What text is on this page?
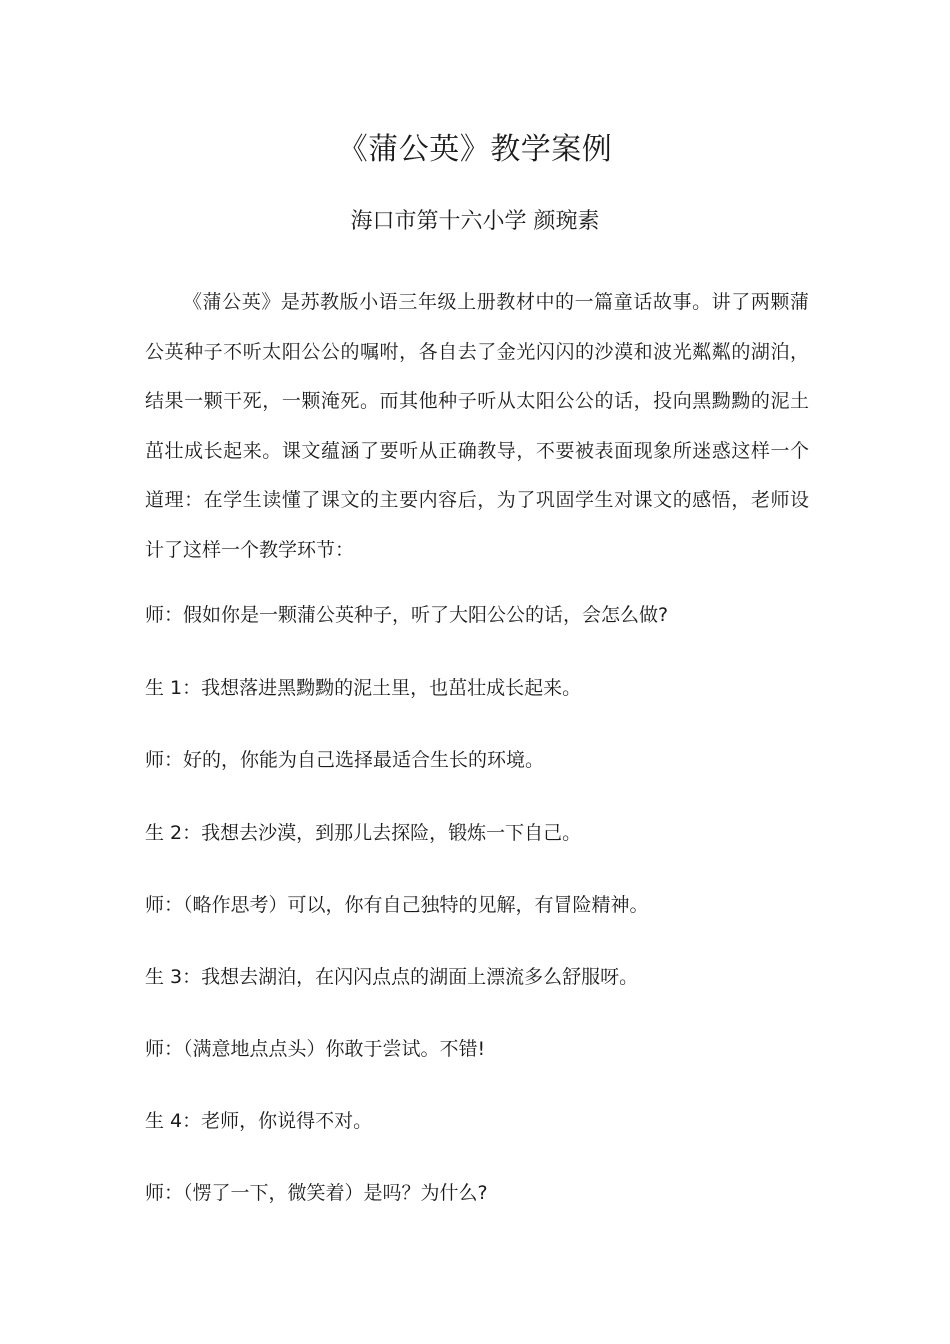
《蒲公英》教学案例
海口市第十六小学 颜琬素

《蒲公英》是苏教版小语三年级上册教材中的一篇童话故事。讲了两颗蒲公英种子不听太阳公公的嘱咐，各自去了金光闪闪的沙漠和波光粼粼的湖泊，结果一颗干死，一颗淹死。而其他种子听从太阳公公的话，投向黑黝黝的泥土茁壮成长起来。课文蕴涵了要听从正确教导，不要被表面现象所迷惑这样一个道理：在学生读懂了课文的主要内容后，为了巩固学生对课文的感悟，老师设计了这样一个教学环节：

师：假如你是一颗蒲公英种子，听了大阳公公的话，会怎么做?

生 1：我想落进黑黝黝的泥土里，也茁壮成长起来。

师：好的，你能为自己选择最适合生长的环境。

生 2：我想去沙漠，到那儿去探险，锻炼一下自己。

师：（略作思考）可以，你有自己独特的见解，有冒险精神。

生 3：我想去湖泊，在闪闪点点的湖面上漂流多么舒服呀。

师：（满意地点点头）你敢于尝试。不错!

生 4：老师，你说得不对。

师：（愣了一下，微笑着）是吗？为什么?
